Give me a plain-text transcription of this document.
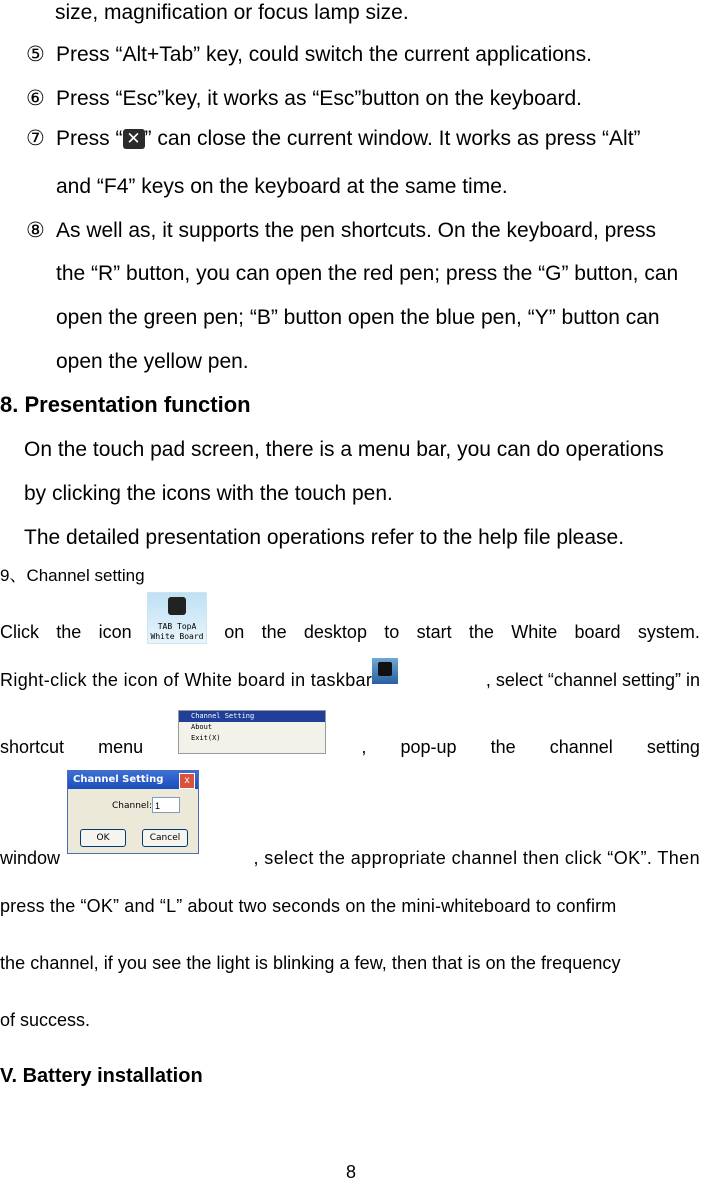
size, magnification or focus lamp size.
⑤ Press “Alt+Tab” key, could switch the current applications.
⑥ Press “Esc”key, it works as “Esc”button on the keyboard.
⑦ Press “ ✕ ” can close the current window. It works as press “Alt”
and “F4” keys on the keyboard at the same time.
⑧ As well as, it supports the pen shortcuts. On the keyboard, press
the “R” button, you can open the red pen; press the “G” button, can
open the green pen; “B” button open the blue pen, “Y” button can
open the yellow pen.
8. Presentation function
On the touch pad screen, there is a menu bar, you can do operations
by clicking the icons with the touch pen.
The detailed presentation operations refer to the help file please.
9、Channel setting
Click the icon	on the desktop to start the White board system.
TAB TopA
White Board
Right-click the icon of White board in taskbar	, select “channel setting” in
shortcut menu	, pop-up the channel setting
Channel Setting
About
Exit(X)
Channel Setting	x
Channel: 1
OK	Cancel
window	, select the appropriate channel then click “OK”. Then
press the “OK” and “L” about two seconds on the mini-whiteboard to confirm
the channel, if you see the light is blinking a few, then that is on the frequency
of success.
V. Battery installation
8
